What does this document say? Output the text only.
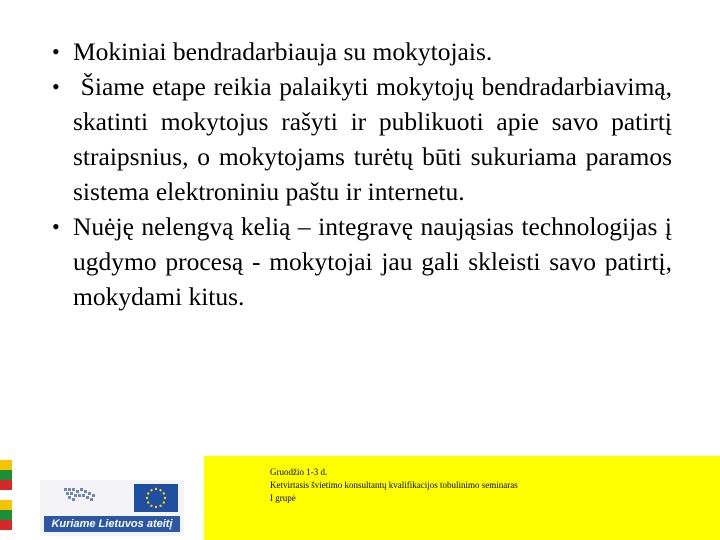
• Mokiniai bendradarbiauja su mokytojais.
• Šiame etape reikia palaikyti mokytojų bendradarbiavimą, skatinti mokytojus rašyti ir publikuoti apie savo patirtį straipsnius, o mokytojams turėtų būti sukuriama paramos sistema elektroniniu paštu ir internetu.
• Nuėję nelengvą kelią – integravę naująsias technologijas į ugdymo procesą - mokytojai jau gali skleisti savo patirtį, mokydami kitus.
Kuriame Lietuvos ateitį
Gruodžio 1-3 d.
Ketvirtasis švietimo konsultantų kvalifikacijos tobulinimo seminaras
I grupė
